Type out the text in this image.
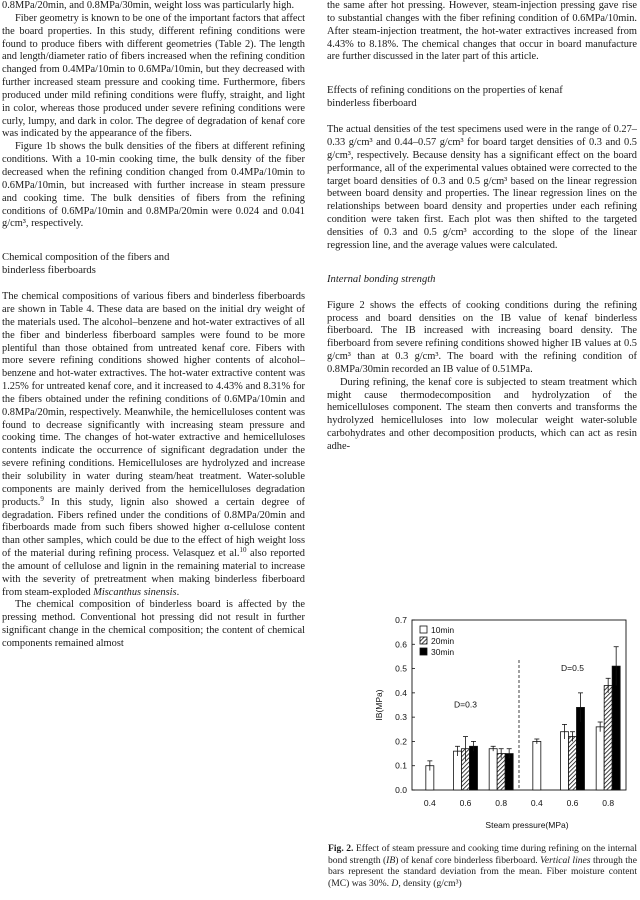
0.8MPa/20min, and 0.8MPa/30min, weight loss was particularly high.

Fiber geometry is known to be one of the important factors that affect the board properties. In this study, different refining conditions were found to produce fibers with different geometries (Table 2). The length and length/diameter ratio of fibers increased when the refining condition changed from 0.4MPa/10min to 0.6MPa/10min, but they decreased with further increased steam pressure and cooking time. Furthermore, fibers produced under mild refining conditions were fluffy, straight, and light in color, whereas those produced under severe refining conditions were curly, lumpy, and dark in color. The degree of degradation of kenaf core was indicated by the appearance of the fibers.

Figure 1b shows the bulk densities of the fibers at different refining conditions. With a 10-min cooking time, the bulk density of the fiber decreased when the refining condition changed from 0.4MPa/10min to 0.6MPa/10min, but increased with further increase in steam pressure and cooking time. The bulk densities of fibers from the refining conditions of 0.6MPa/10min and 0.8MPa/20min were 0.024 and 0.041 g/cm³, respectively.

Chemical composition of the fibers and
binderless fiberboards

The chemical compositions of various fibers and binderless fiberboards are shown in Table 4. These data are based on the initial dry weight of the materials used. The alcohol–benzene and hot-water extractives of all the fiber and binderless fiberboard samples were found to be more plentiful than those obtained from untreated kenaf core. Fibers with more severe refining conditions showed higher contents of alcohol–benzene and hot-water extractives. The hot-water extractive content was 1.25% for untreated kenaf core, and it increased to 4.43% and 8.31% for the fibers obtained under the refining conditions of 0.6MPa/10min and 0.8MPa/20min, respectively. Meanwhile, the hemicelluloses content was found to decrease significantly with increasing steam pressure and cooking time. The changes of hot-water extractive and hemicelluloses contents indicate the occurrence of significant degradation under the severe refining conditions. Hemicelluloses are hydrolyzed and increase their solubility in water during steam/heat treatment. Water-soluble components are mainly derived from the hemicelluloses degradation products.$^9$ In this study, lignin also showed a certain degree of degradation. Fibers refined under the conditions of 0.8MPa/20min and fiberboards made from such fibers showed higher α-cellulose content than other samples, which could be due to the effect of high weight loss of the material during refining process. Velasquez et al.$^{10}$ also reported the amount of cellulose and lignin in the remaining material to increase with the severity of pretreatment when making binderless fiberboard from steam-exploded Miscanthus sinensis.

The chemical composition of binderless board is affected by the pressing method. Conventional hot pressing did not result in further significant change in the chemical composition; the content of chemical components remained almost

the same after hot pressing. However, steam-injection pressing gave rise to substantial changes with the fiber refining condition of 0.6MPa/10min. After steam-injection treatment, the hot-water extractives increased from 4.43% to 8.18%. The chemical changes that occur in board manufacture are further discussed in the later part of this article.

Effects of refining conditions on the properties of kenaf
binderless fiberboard

The actual densities of the test specimens used were in the range of 0.27–0.33 g/cm³ and 0.44–0.57 g/cm³ for board target densities of 0.3 and 0.5 g/cm³, respectively. Because density has a significant effect on the board performance, all of the experimental values obtained were corrected to the target board densities of 0.3 and 0.5 g/cm³ based on the linear regression between board density and properties. The linear regression lines on the relationships between board density and properties under each refining condition were taken first. Each plot was then shifted to the targeted densities of 0.3 and 0.5 g/cm³ according to the slope of the linear regression line, and the average values were calculated.

Internal bonding strength

Figure 2 shows the effects of cooking conditions during the refining process and board densities on the IB value of kenaf binderless fiberboard. The IB increased with increasing board density. The fiberboard from severe refining conditions showed higher IB values at 0.5 g/cm³ than at 0.3 g/cm³. The board with the refining condition of 0.8MPa/30min recorded an IB value of 0.51MPa.

During refining, the kenaf core is subjected to steam treatment which might cause thermodecomposition and hydrolyzation of the hemicelluloses component. The steam then converts and transforms the hydrolyzed hemicelluloses into low molecular weight water-soluble carbohydrates and other decomposition products, which can act as resin adhe-

0.0
0.1
0.2
0.3
0.4
0.5
0.6
0.7
IB(MPa)	D=0.3
0.4	0.6	0.8
D=0.5
0.4	0.6	0.8
Steam pressure(MPa)
10min
20min
30min

Fig. 2. Effect of steam pressure and cooking time during refining on the internal bond strength (IB) of kenaf core binderless fiberboard. Vertical lines through the bars represent the standard deviation from the mean. Fiber moisture content (MC) was 30%. D, density (g/cm³)
